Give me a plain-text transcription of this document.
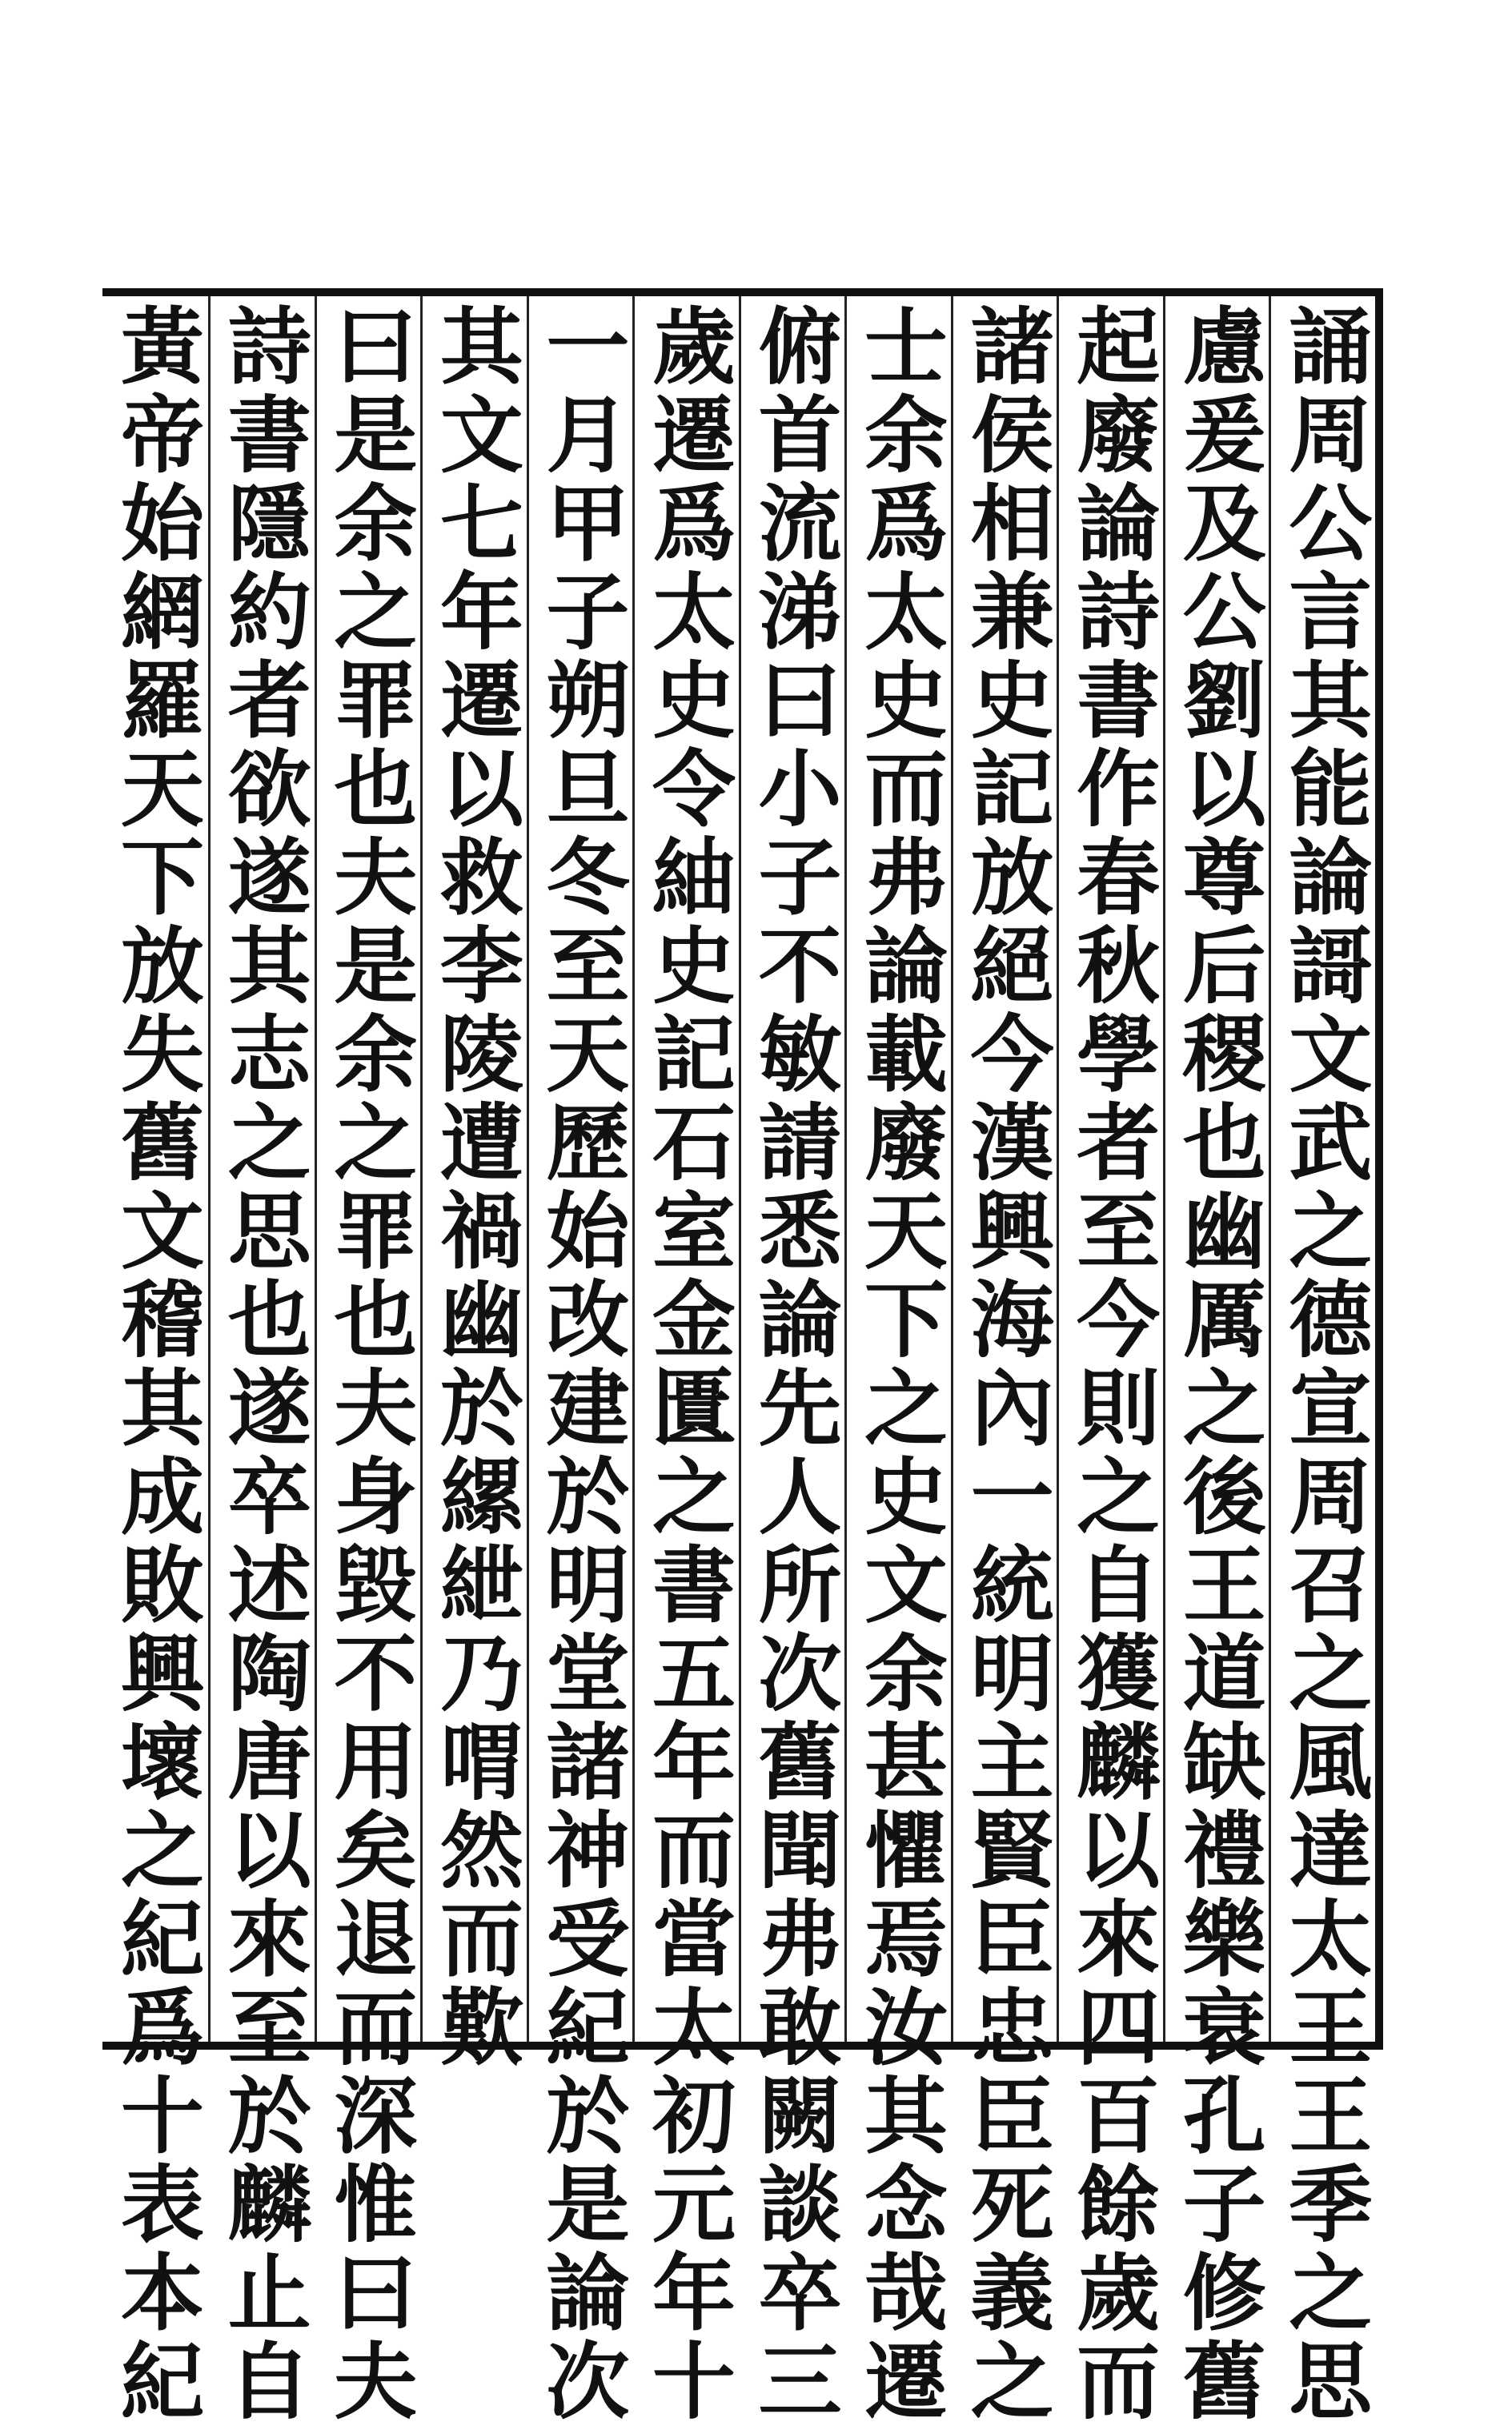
誦周公言其能論謌文武之德宣周召之風達太王王季之思
慮爰及公劉以尊后稷也幽厲之後王道缺禮樂衰孔子修舊
起廢論詩書作春秋學者至今則之自獲麟以來四百餘歲而
諸侯相兼史記放絕今漢興海內一統明主賢臣忠臣死義之
士余爲太史而弗論載廢天下之史文余甚懼焉汝其念哉遷
俯首流涕曰小子不敏請悉論先人所次舊聞弗敢闕談卒三
歲遷爲太史令紬史記石室金匱之書五年而當太初元年十
一月甲子朔旦冬至天歷始改建於明堂諸神受紀於是論次
其文七年遷以救李陵遭禍幽於縲紲乃喟然而歎
曰是余之罪也夫是余之罪也夫身毀不用矣退而深惟曰夫
詩書隱約者欲遂其志之思也遂卒述陶唐以來至於麟止自
黃帝始網羅天下放失舊文稽其成敗興壞之紀爲十表本紀
